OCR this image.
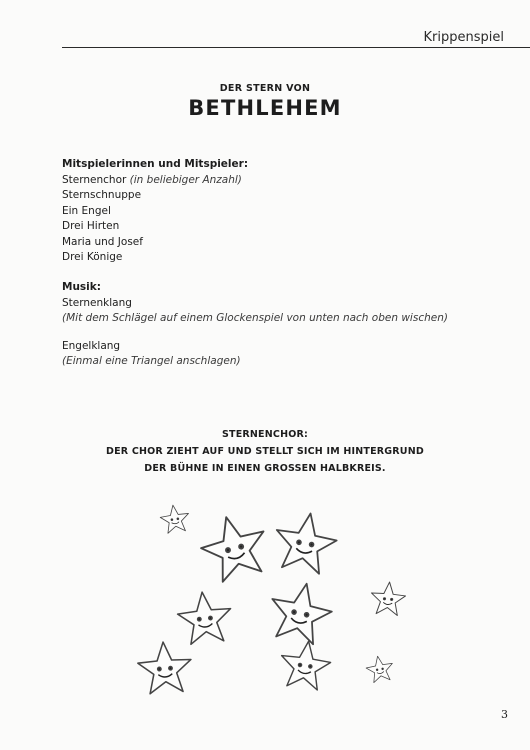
Krippenspiel
DER STERN VON
BETHLEHEM
Mitspielerinnen und Mitspieler:
Sternenchor (in beliebiger Anzahl)
Sternschnuppe
Ein Engel
Drei Hirten
Maria und Josef
Drei Könige
Musik:
Sternenklang
(Mit dem Schlägel auf einem Glockenspiel von unten nach oben wischen)
Engelklang
(Einmal eine Triangel anschlagen)
STERNENCHOR:
DER CHOR ZIEHT AUF UND STELLT SICH IM HINTERGRUND
DER BÜHNE IN EINEN GROSSEN HALBKREIS.
3
